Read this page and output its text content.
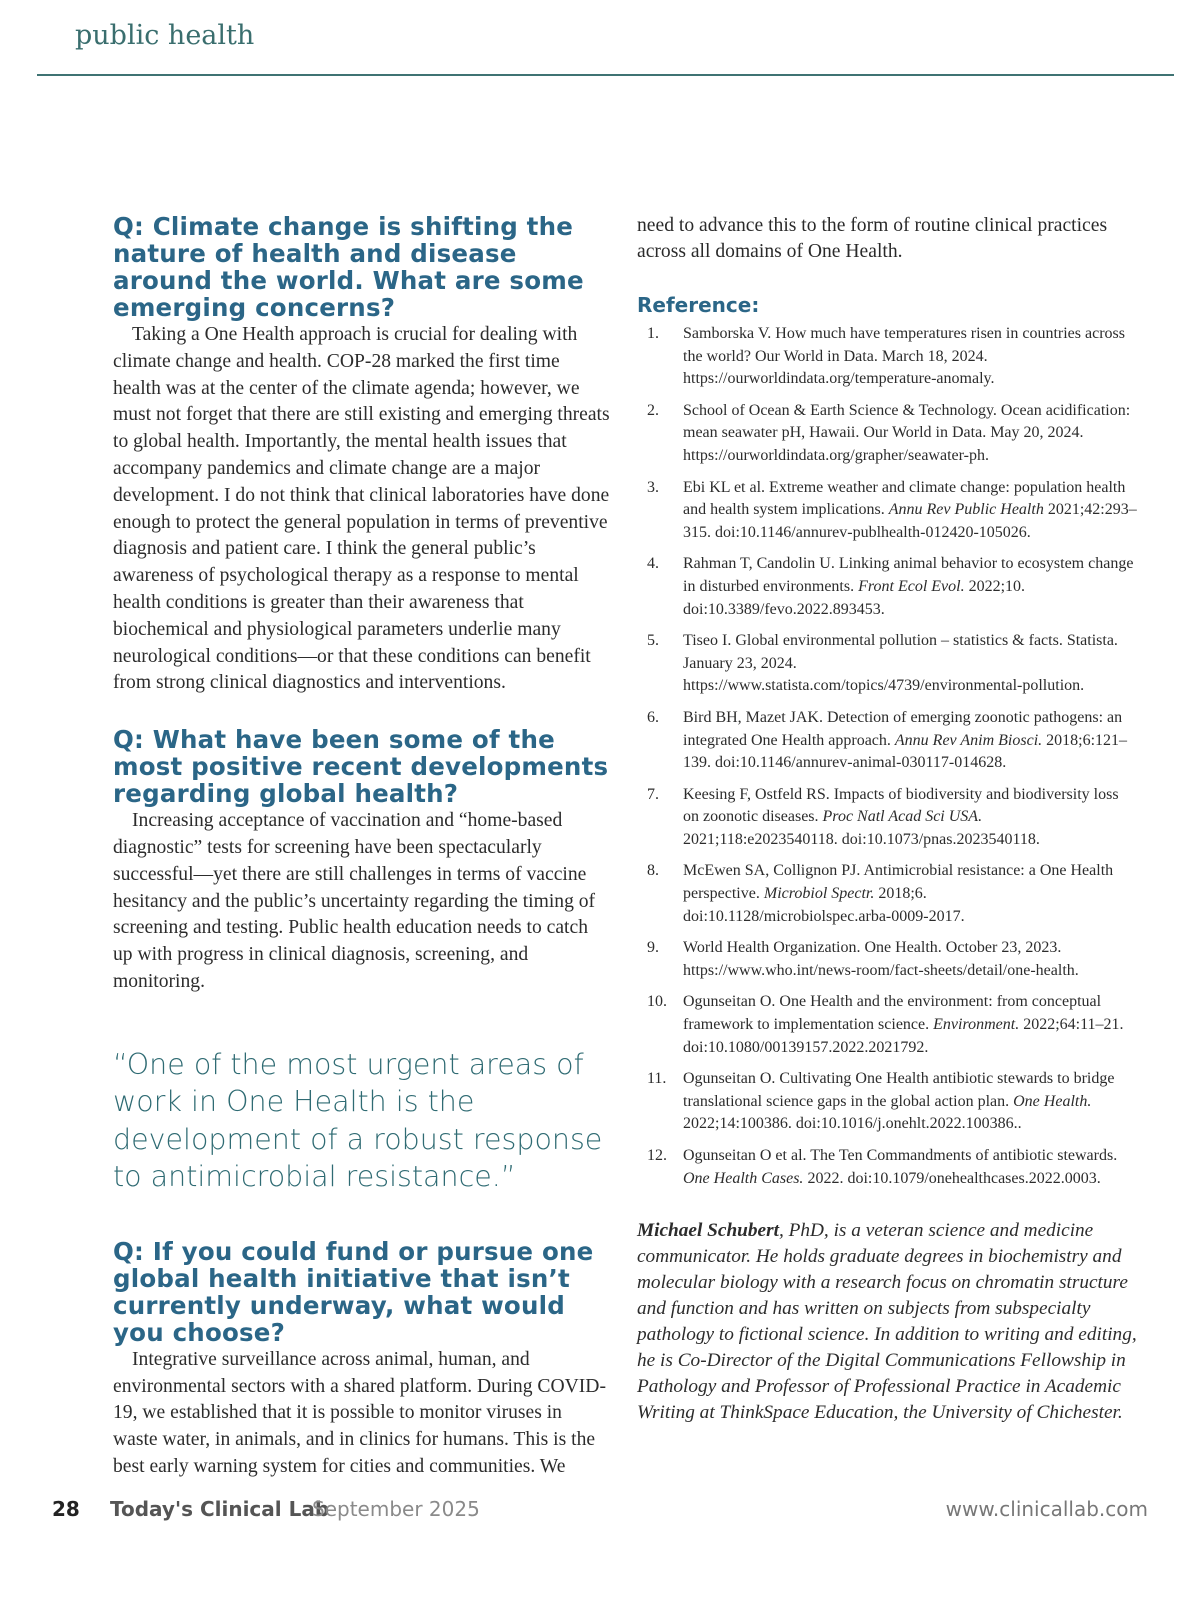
public health
Q: Climate change is shifting the nature of health and disease around the world. What are some emerging concerns?

Taking a One Health approach is crucial for dealing with climate change and health. COP-28 marked the first time health was at the center of the climate agenda; however, we must not forget that there are still existing and emerging threats to global health. Importantly, the mental health issues that accompany pandemics and climate change are a major development. I do not think that clinical laboratories have done enough to protect the general population in terms of preventive diagnosis and patient care. I think the general public’s awareness of psychological therapy as a response to mental health conditions is greater than their awareness that biochemical and physiological parameters underlie many neurological conditions—or that these conditions can benefit from strong clinical diagnostics and interventions.

Q: What have been some of the most positive recent developments regarding global health?

Increasing acceptance of vaccination and “home-based diagnostic” tests for screening have been spectacularly successful—yet there are still challenges in terms of vaccine hesitancy and the public’s uncertainty regarding the timing of screening and testing. Public health education needs to catch up with progress in clinical diagnosis, screening, and monitoring.

“One of the most urgent areas of work in One Health is the development of a robust response to antimicrobial resistance.”
Q: If you could fund or pursue one global health initiative that isn’t currently underway, what would you choose?

Integrative surveillance across animal, human, and environmental sectors with a shared platform. During COVID-19, we established that it is possible to monitor viruses in waste water, in animals, and in clinics for humans. This is the best early warning system for cities and communities. We

need to advance this to the form of routine clinical practices across all domains of One Health.

Reference:
1.	Samborska V. How much have temperatures risen in countries across the world? Our World in Data. March 18, 2024. https://ourworldindata.org/temperature-anomaly.
2.	School of Ocean & Earth Science & Technology. Ocean acidification: mean seawater pH, Hawaii. Our World in Data. May 20, 2024. https://ourworldindata.org/grapher/seawater-ph.
3.	Ebi KL et al. Extreme weather and climate change: population health and health system implications. Annu Rev Public Health 2021;42:293–315. doi:10.1146/annurev-publhealth-012420-105026.
4.	Rahman T, Candolin U. Linking animal behavior to ecosystem change in disturbed environments. Front Ecol Evol. 2022;10. doi:10.3389/fevo.2022.893453.
5.	Tiseo I. Global environmental pollution – statistics & facts. Statista. January 23, 2024. https://www.statista.com/topics/4739/environmental-pollution.
6.	Bird BH, Mazet JAK. Detection of emerging zoonotic pathogens: an integrated One Health approach. Annu Rev Anim Biosci. 2018;6:121–139. doi:10.1146/annurev-animal-030117-014628.
7.	Keesing F, Ostfeld RS. Impacts of biodiversity and biodiversity loss on zoonotic diseases. Proc Natl Acad Sci USA. 2021;118:e2023540118. doi:10.1073/pnas.2023540118.
8.	McEwen SA, Collignon PJ. Antimicrobial resistance: a One Health perspective. Microbiol Spectr. 2018;6. doi:10.1128/microbiolspec.arba-0009-2017.
9.	World Health Organization. One Health. October 23, 2023. https://www.who.int/news-room/fact-sheets/detail/one-health.
10.	Ogunseitan O. One Health and the environment: from conceptual framework to implementation science. Environment. 2022;64:11–21. doi:10.1080/00139157.2022.2021792.
11.	Ogunseitan O. Cultivating One Health antibiotic stewards to bridge translational science gaps in the global action plan. One Health. 2022;14:100386. doi:10.1016/j.onehlt.2022.100386..
12.	Ogunseitan O et al. The Ten Commandments of antibiotic stewards. One Health Cases. 2022. doi:10.1079/onehealthcases.2022.0003.
Michael Schubert, PhD, is a veteran science and medicine communicator. He holds graduate degrees in biochemistry and molecular biology with a research focus on chromatin structure and function and has written on subjects from subspecialty pathology to fictional science. In addition to writing and editing, he is Co-Director of the Digital Communications Fellowship in Pathology and Professor of Professional Practice in Academic Writing at ThinkSpace Education, the University of Chichester.
28 Today's Clinical Lab
September 2025	www.clinicallab.com
